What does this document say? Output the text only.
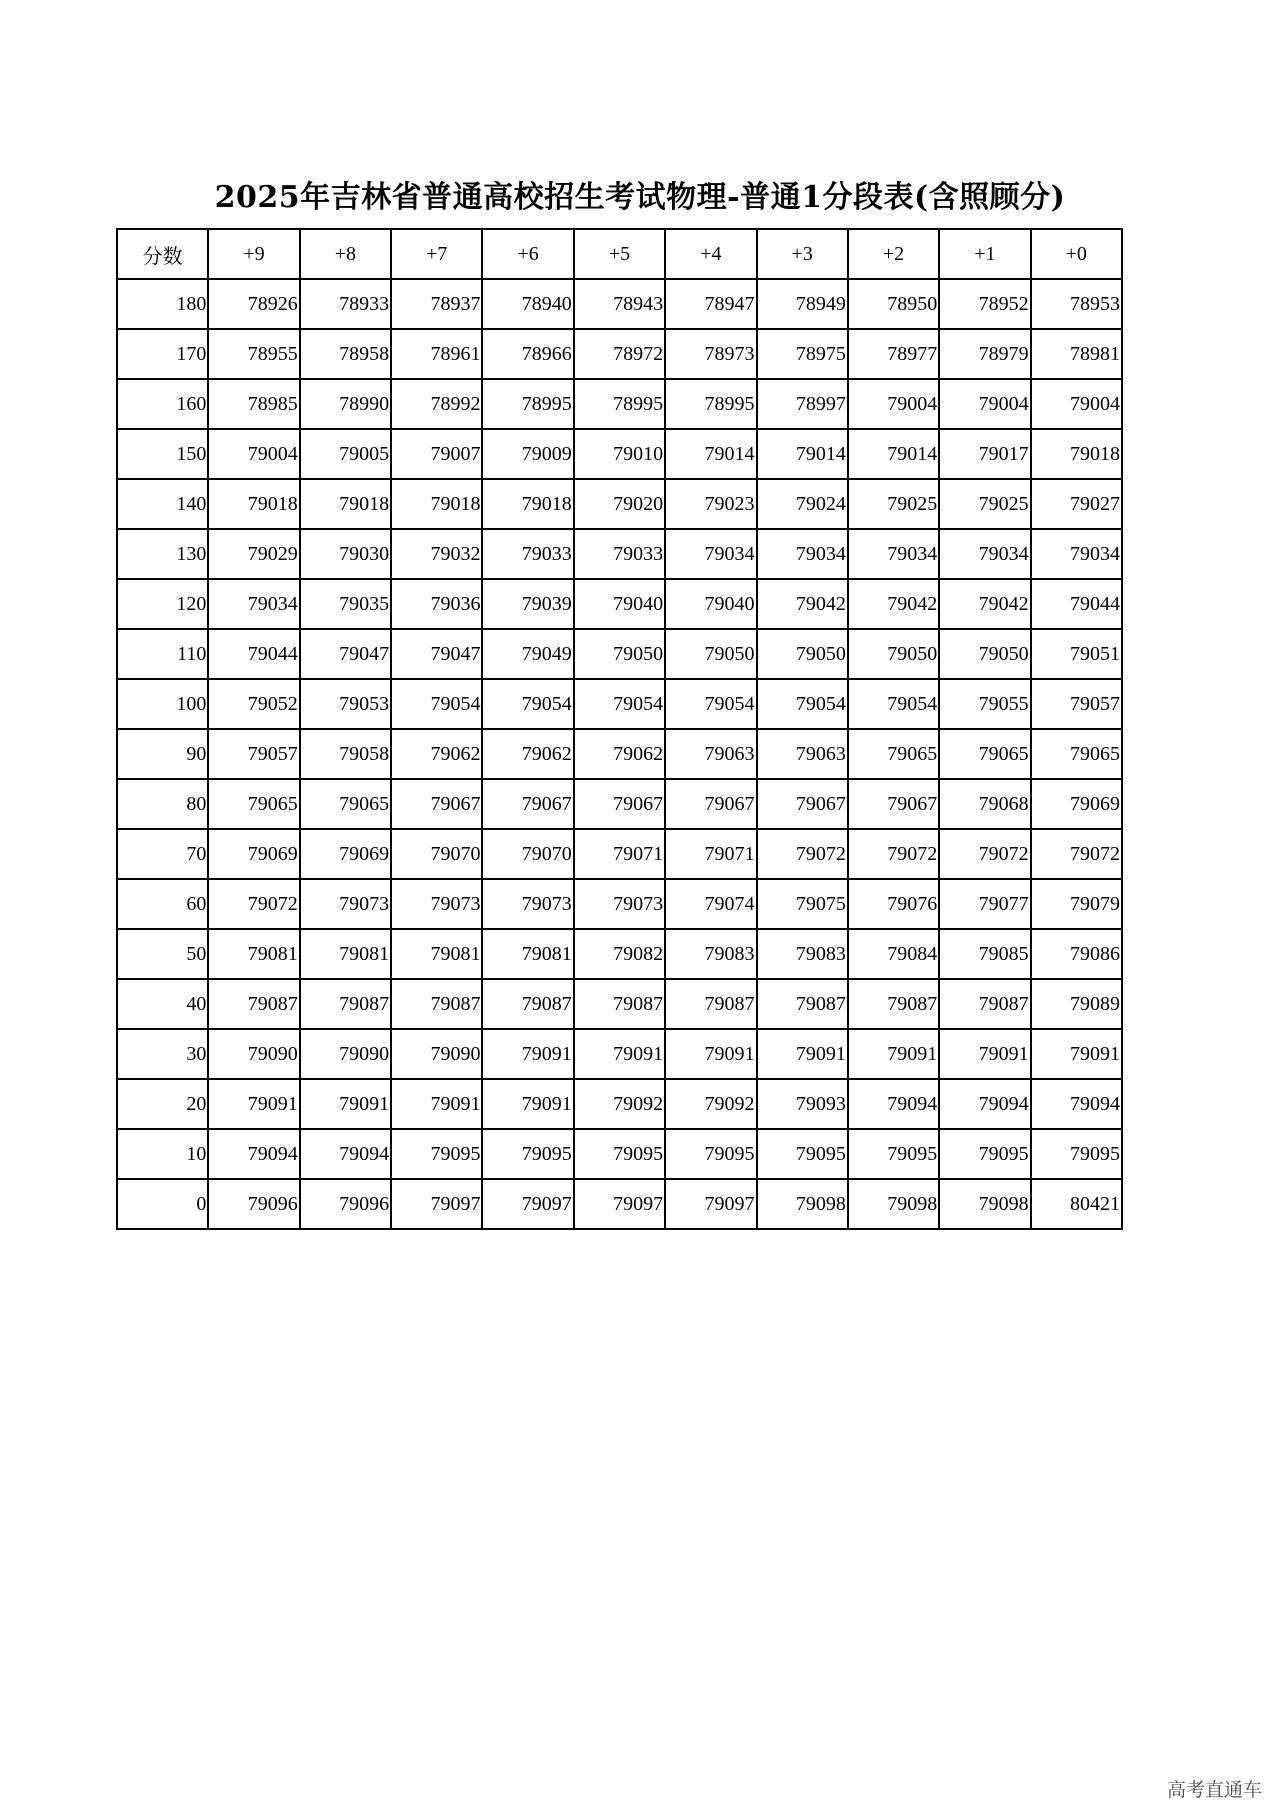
2025年吉林省普通高校招生考试物理-普通1分段表(含照顾分)
分数	+9	+8	+7	+6	+5	+4	+3	+2	+1	+0
180	78926	78933	78937	78940	78943	78947	78949	78950	78952	78953
170	78955	78958	78961	78966	78972	78973	78975	78977	78979	78981
160	78985	78990	78992	78995	78995	78995	78997	79004	79004	79004
150	79004	79005	79007	79009	79010	79014	79014	79014	79017	79018
140	79018	79018	79018	79018	79020	79023	79024	79025	79025	79027
130	79029	79030	79032	79033	79033	79034	79034	79034	79034	79034
120	79034	79035	79036	79039	79040	79040	79042	79042	79042	79044
110	79044	79047	79047	79049	79050	79050	79050	79050	79050	79051
100	79052	79053	79054	79054	79054	79054	79054	79054	79055	79057
90	79057	79058	79062	79062	79062	79063	79063	79065	79065	79065
80	79065	79065	79067	79067	79067	79067	79067	79067	79068	79069
70	79069	79069	79070	79070	79071	79071	79072	79072	79072	79072
60	79072	79073	79073	79073	79073	79074	79075	79076	79077	79079
50	79081	79081	79081	79081	79082	79083	79083	79084	79085	79086
40	79087	79087	79087	79087	79087	79087	79087	79087	79087	79089
30	79090	79090	79090	79091	79091	79091	79091	79091	79091	79091
20	79091	79091	79091	79091	79092	79092	79093	79094	79094	79094
10	79094	79094	79095	79095	79095	79095	79095	79095	79095	79095
0	79096	79096	79097	79097	79097	79097	79098	79098	79098	80421
高考直通车
